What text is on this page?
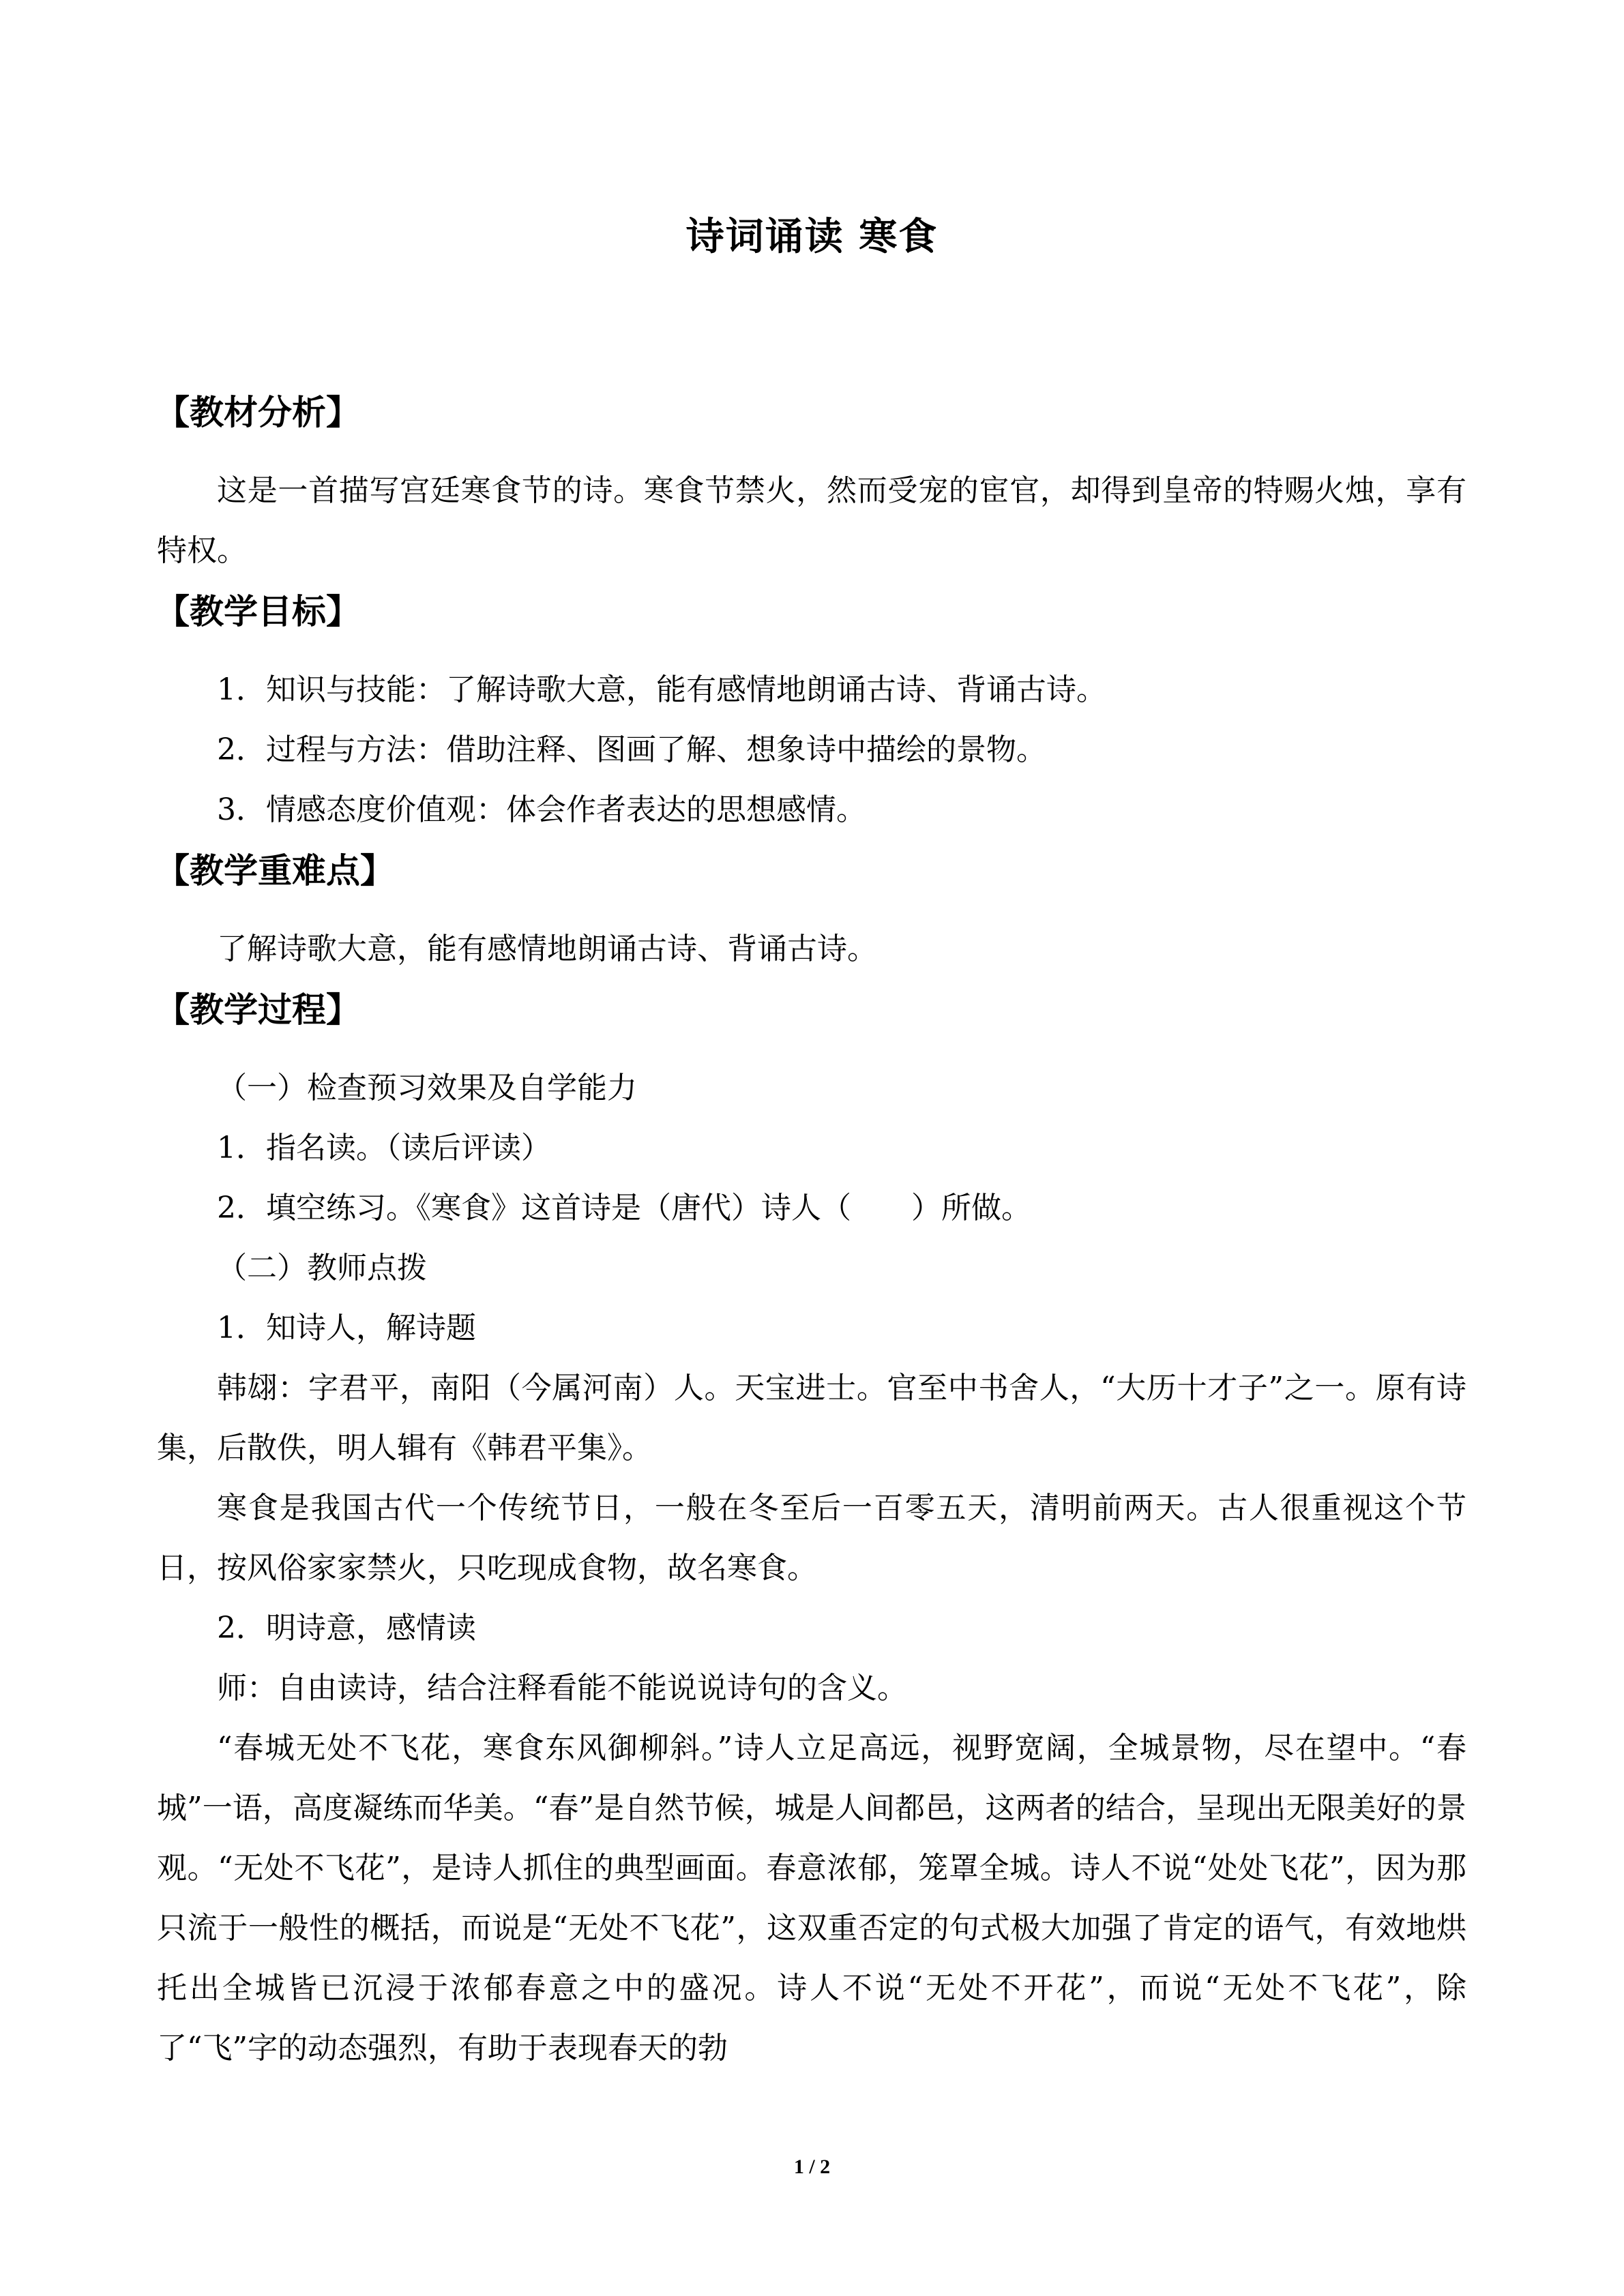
诗词诵读 寒食
【教材分析】

这是一首描写宫廷寒食节的诗。寒食节禁火，然而受宠的宦官，却得到皇帝的特赐火烛，享有特权。

【教学目标】

1．知识与技能：了解诗歌大意，能有感情地朗诵古诗、背诵古诗。

2．过程与方法：借助注释、图画了解、想象诗中描绘的景物。

3．情感态度价值观：体会作者表达的思想感情。

【教学重难点】

了解诗歌大意，能有感情地朗诵古诗、背诵古诗。

【教学过程】

（一）检查预习效果及自学能力

1．指名读。（读后评读）

2．填空练习。《寒食》这首诗是（唐代）诗人（　　）所做。

（二）教师点拨

1．知诗人，解诗题

韩翃：字君平，南阳（今属河南）人。天宝进士。官至中书舍人，“大历十才子”之一。原有诗集，后散佚，明人辑有《韩君平集》。

寒食是我国古代一个传统节日，一般在冬至后一百零五天，清明前两天。古人很重视这个节日，按风俗家家禁火，只吃现成食物，故名寒食。

2．明诗意，感情读

师：自由读诗，结合注释看能不能说说诗句的含义。

“春城无处不飞花，寒食东风御柳斜。”诗人立足高远，视野宽阔，全城景物，尽在望中。“春城”一语，高度凝练而华美。“春”是自然节候，城是人间都邑，这两者的结合，呈现出无限美好的景观。“无处不飞花”，是诗人抓住的典型画面。春意浓郁，笼罩全城。诗人不说“处处飞花”，因为那只流于一般性的概括，而说是“无处不飞花”，这双重否定的句式极大加强了肯定的语气，有效地烘托出全城皆已沉浸于浓郁春意之中的盛况。诗人不说“无处不开花”，而说“无处不飞花”，除了“飞”字的动态强烈，有助于表现春天的勃

1 / 2
